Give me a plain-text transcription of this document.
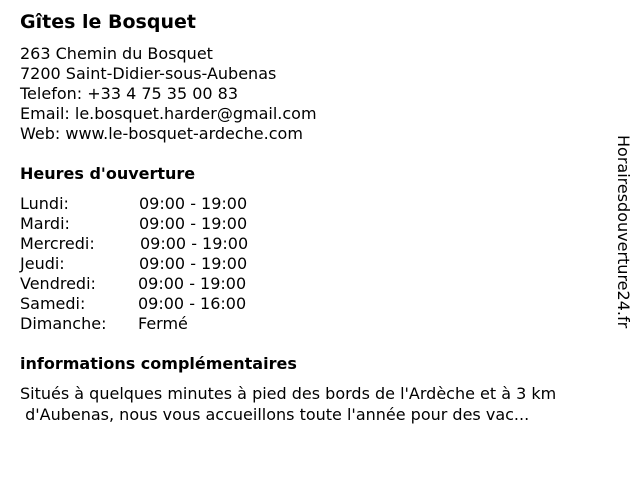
Gîtes le Bosquet
263 Chemin du Bosquet
7200 Saint-Didier-sous-Aubenas
Telefon: +33 4 75 35 00 83
Email: le.bosquet.harder@gmail.com
Web: www.le-bosquet-ardeche.com
Heures d'ouverture
Lundi:	09:00 - 19:00
Mardi:	09:00 - 19:00
Mercredi:	09:00 - 19:00
Jeudi:	09:00 - 19:00
Vendredi:	09:00 - 19:00
Samedi:	09:00 - 16:00
Dimanche: Fermé
informations complémentaires
Situés à quelques minutes à pied des bords de l'Ardèche et à 3 km
d'Aubenas, nous vous accueillons toute l'année pour des vac...
Horairesdouverture24.fr
